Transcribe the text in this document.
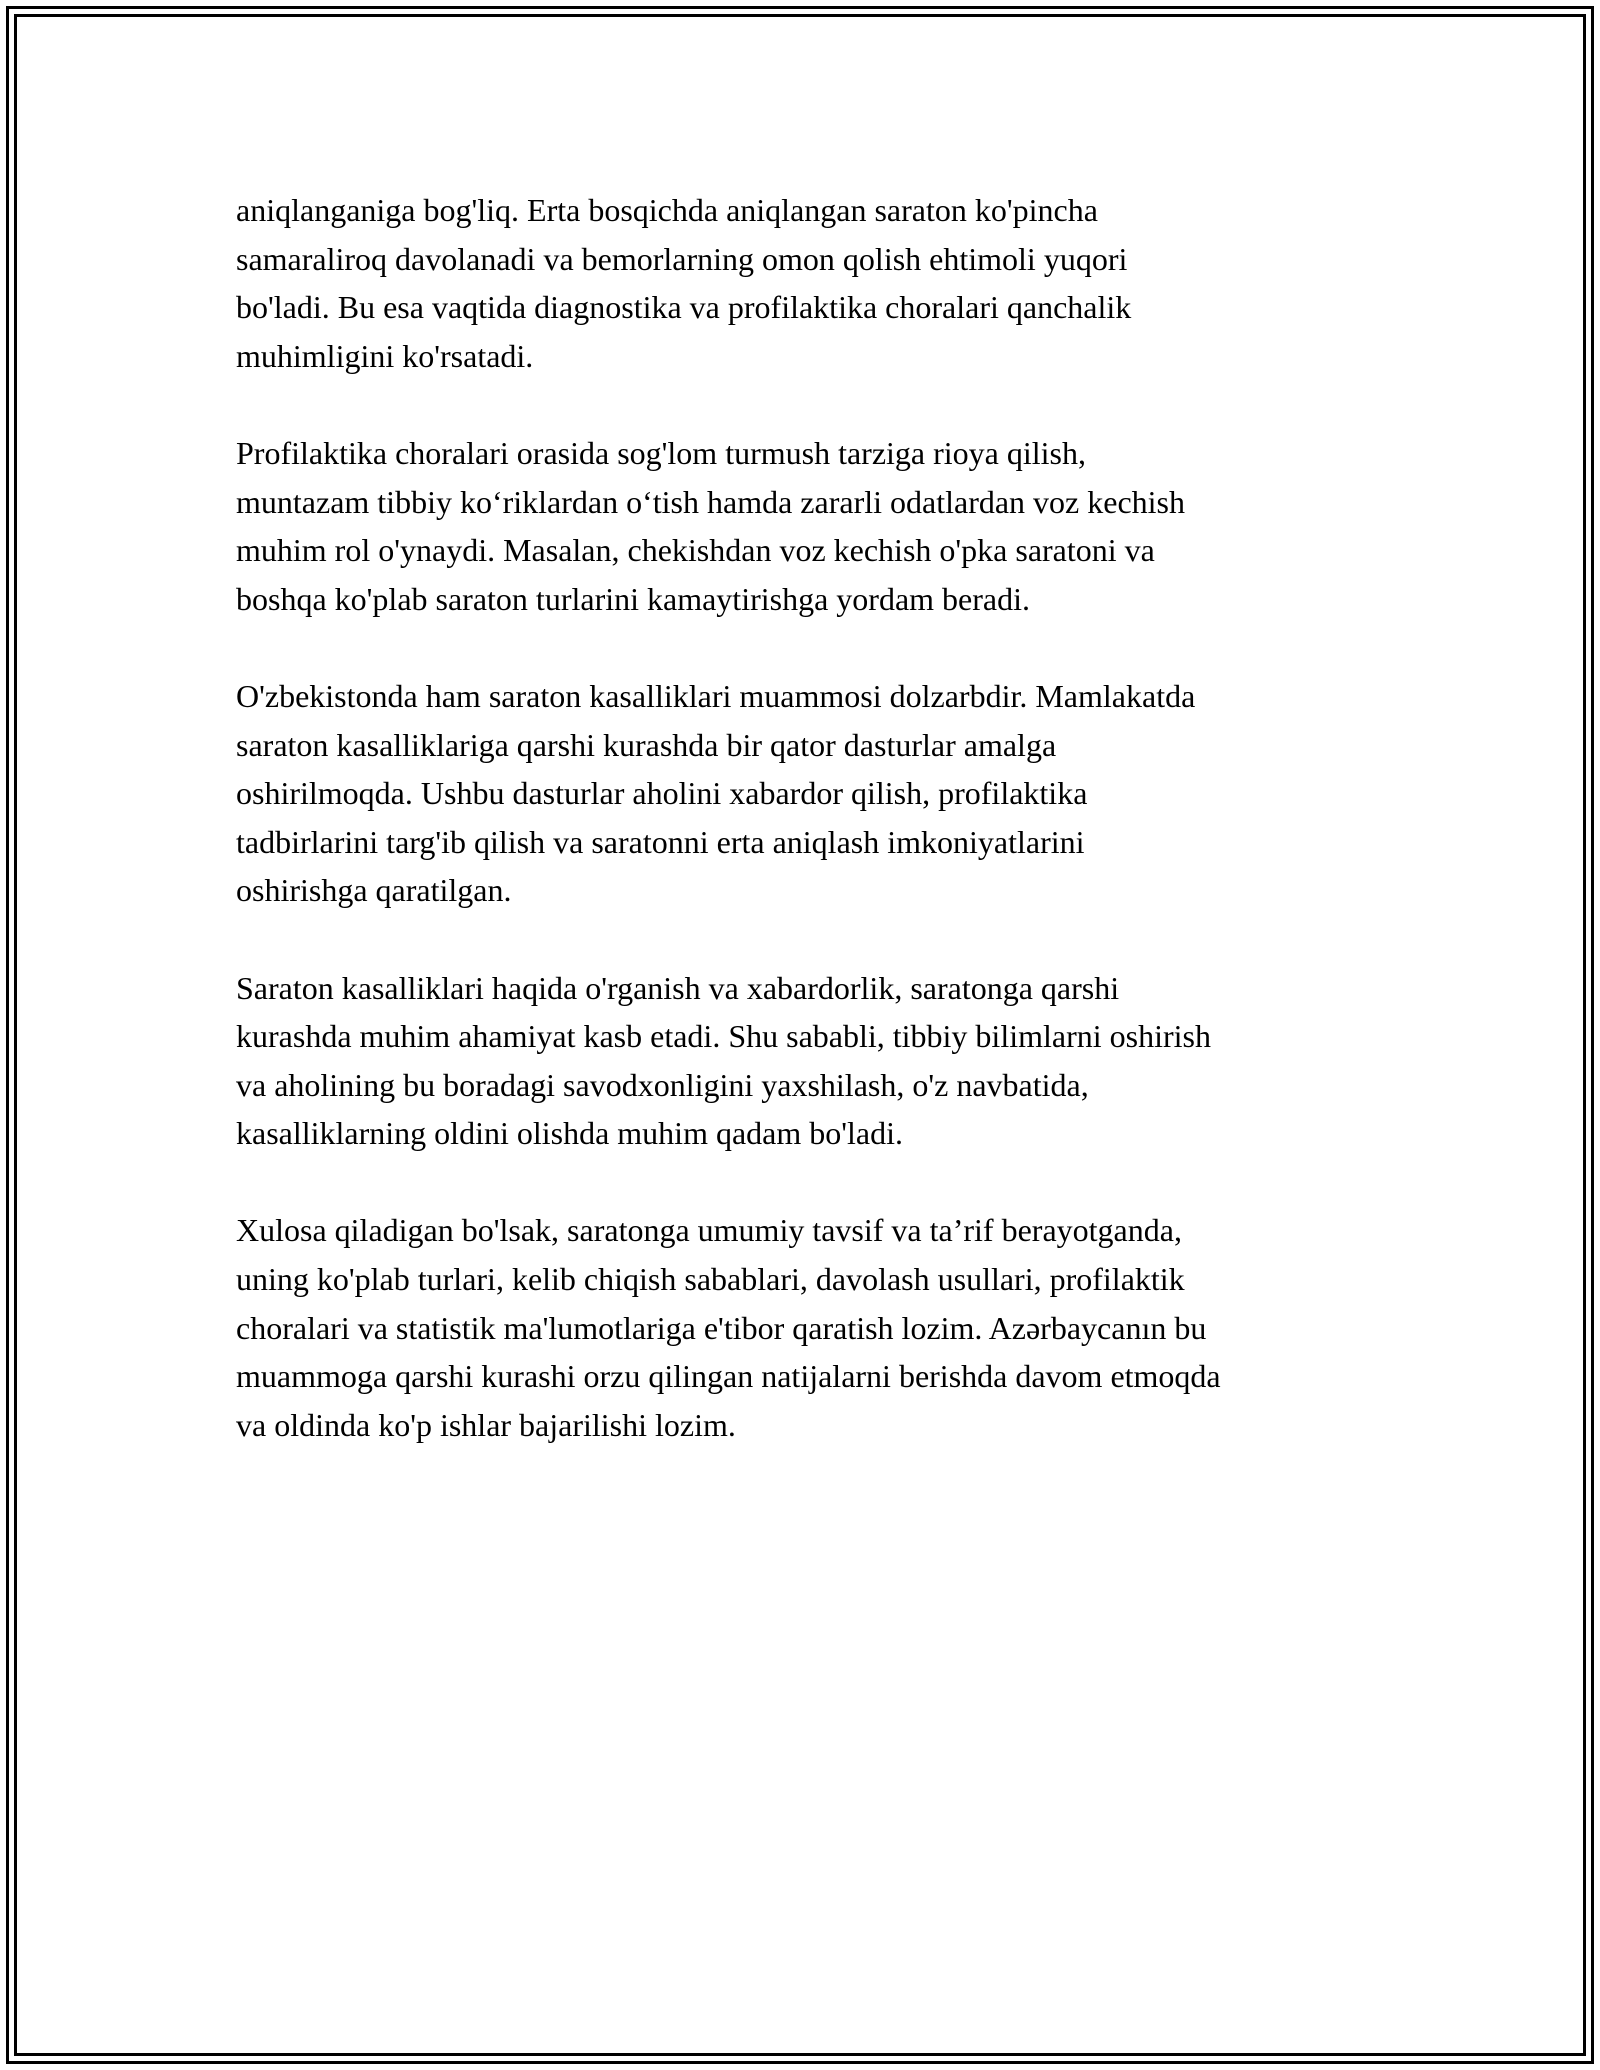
aniqlanganiga bog'liq. Erta bosqichda aniqlangan saraton ko'pincha
samaraliroq davolanadi va bemorlarning omon qolish ehtimoli yuqori
bo'ladi. Bu esa vaqtida diagnostika va profilaktika choralari qanchalik
muhimligini ko'rsatadi.

Profilaktika choralari orasida sog'lom turmush tarziga rioya qilish,
muntazam tibbiy koʻriklardan oʻtish hamda zararli odatlardan voz kechish
muhim rol o'ynaydi. Masalan, chekishdan voz kechish o'pka saratoni va
boshqa ko'plab saraton turlarini kamaytirishga yordam beradi.

O'zbekistonda ham saraton kasalliklari muammosi dolzarbdir. Mamlakatda
saraton kasalliklariga qarshi kurashda bir qator dasturlar amalga
oshirilmoqda. Ushbu dasturlar aholini xabardor qilish, profilaktika
tadbirlarini targ'ib qilish va saratonni erta aniqlash imkoniyatlarini
oshirishga qaratilgan.

Saraton kasalliklari haqida o'rganish va xabardorlik, saratonga qarshi
kurashda muhim ahamiyat kasb etadi. Shu sababli, tibbiy bilimlarni oshirish
va aholining bu boradagi savodxonligini yaxshilash, o'z navbatida,
kasalliklarning oldini olishda muhim qadam bo'ladi.

Xulosa qiladigan bo'lsak, saratonga umumiy tavsif va ta’rif berayotganda,
uning ko'plab turlari, kelib chiqish sabablari, davolash usullari, profilaktik
choralari va statistik ma'lumotlariga e'tibor qaratish lozim. Azərbaycanın bu
muammoga qarshi kurashi orzu qilingan natijalarni berishda davom etmoqda
va oldinda ko'p ishlar bajarilishi lozim.
